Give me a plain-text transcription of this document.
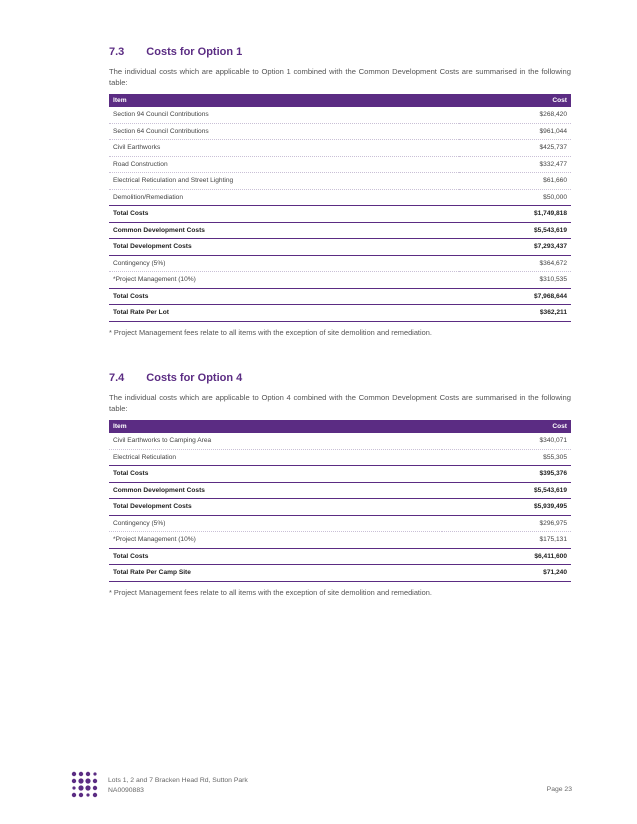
7.3 Costs for Option 1

The individual costs which are applicable to Option 1 combined with the Common Development Costs are summarised in the following table:

Item	Cost
Section 94 Council Contributions	$268,420
Section 64 Council Contributions	$961,044
Civil Earthworks	$425,737
Road Construction	$332,477
Electrical Reticulation and Street Lighting	$61,660
Demolition/Remediation	$50,000
Total Costs	$1,749,818
Common Development Costs	$5,543,619
Total Development Costs	$7,293,437
Contingency (5%)	$364,672
*Project Management (10%)	$310,535
Total Costs	$7,968,644
Total Rate Per Lot	$362,211

* Project Management fees relate to all items with the exception of site demolition and remediation.

7.4 Costs for Option 4

The individual costs which are applicable to Option 4 combined with the Common Development Costs are summarised in the following table:

Item	Cost
Civil Earthworks to Camping Area	$340,071
Electrical Reticulation	$55,305
Total Costs	$395,376
Common Development Costs	$5,543,619
Total Development Costs	$5,939,495
Contingency (5%)	$296,975
*Project Management (10%)	$175,131
Total Costs	$6,411,600
Total Rate Per Camp Site	$71,240

* Project Management fees relate to all items with the exception of site demolition and remediation.

Lots 1, 2 and 7 Bracken Head Rd, Sutton Park
NA0090883	Page 23
